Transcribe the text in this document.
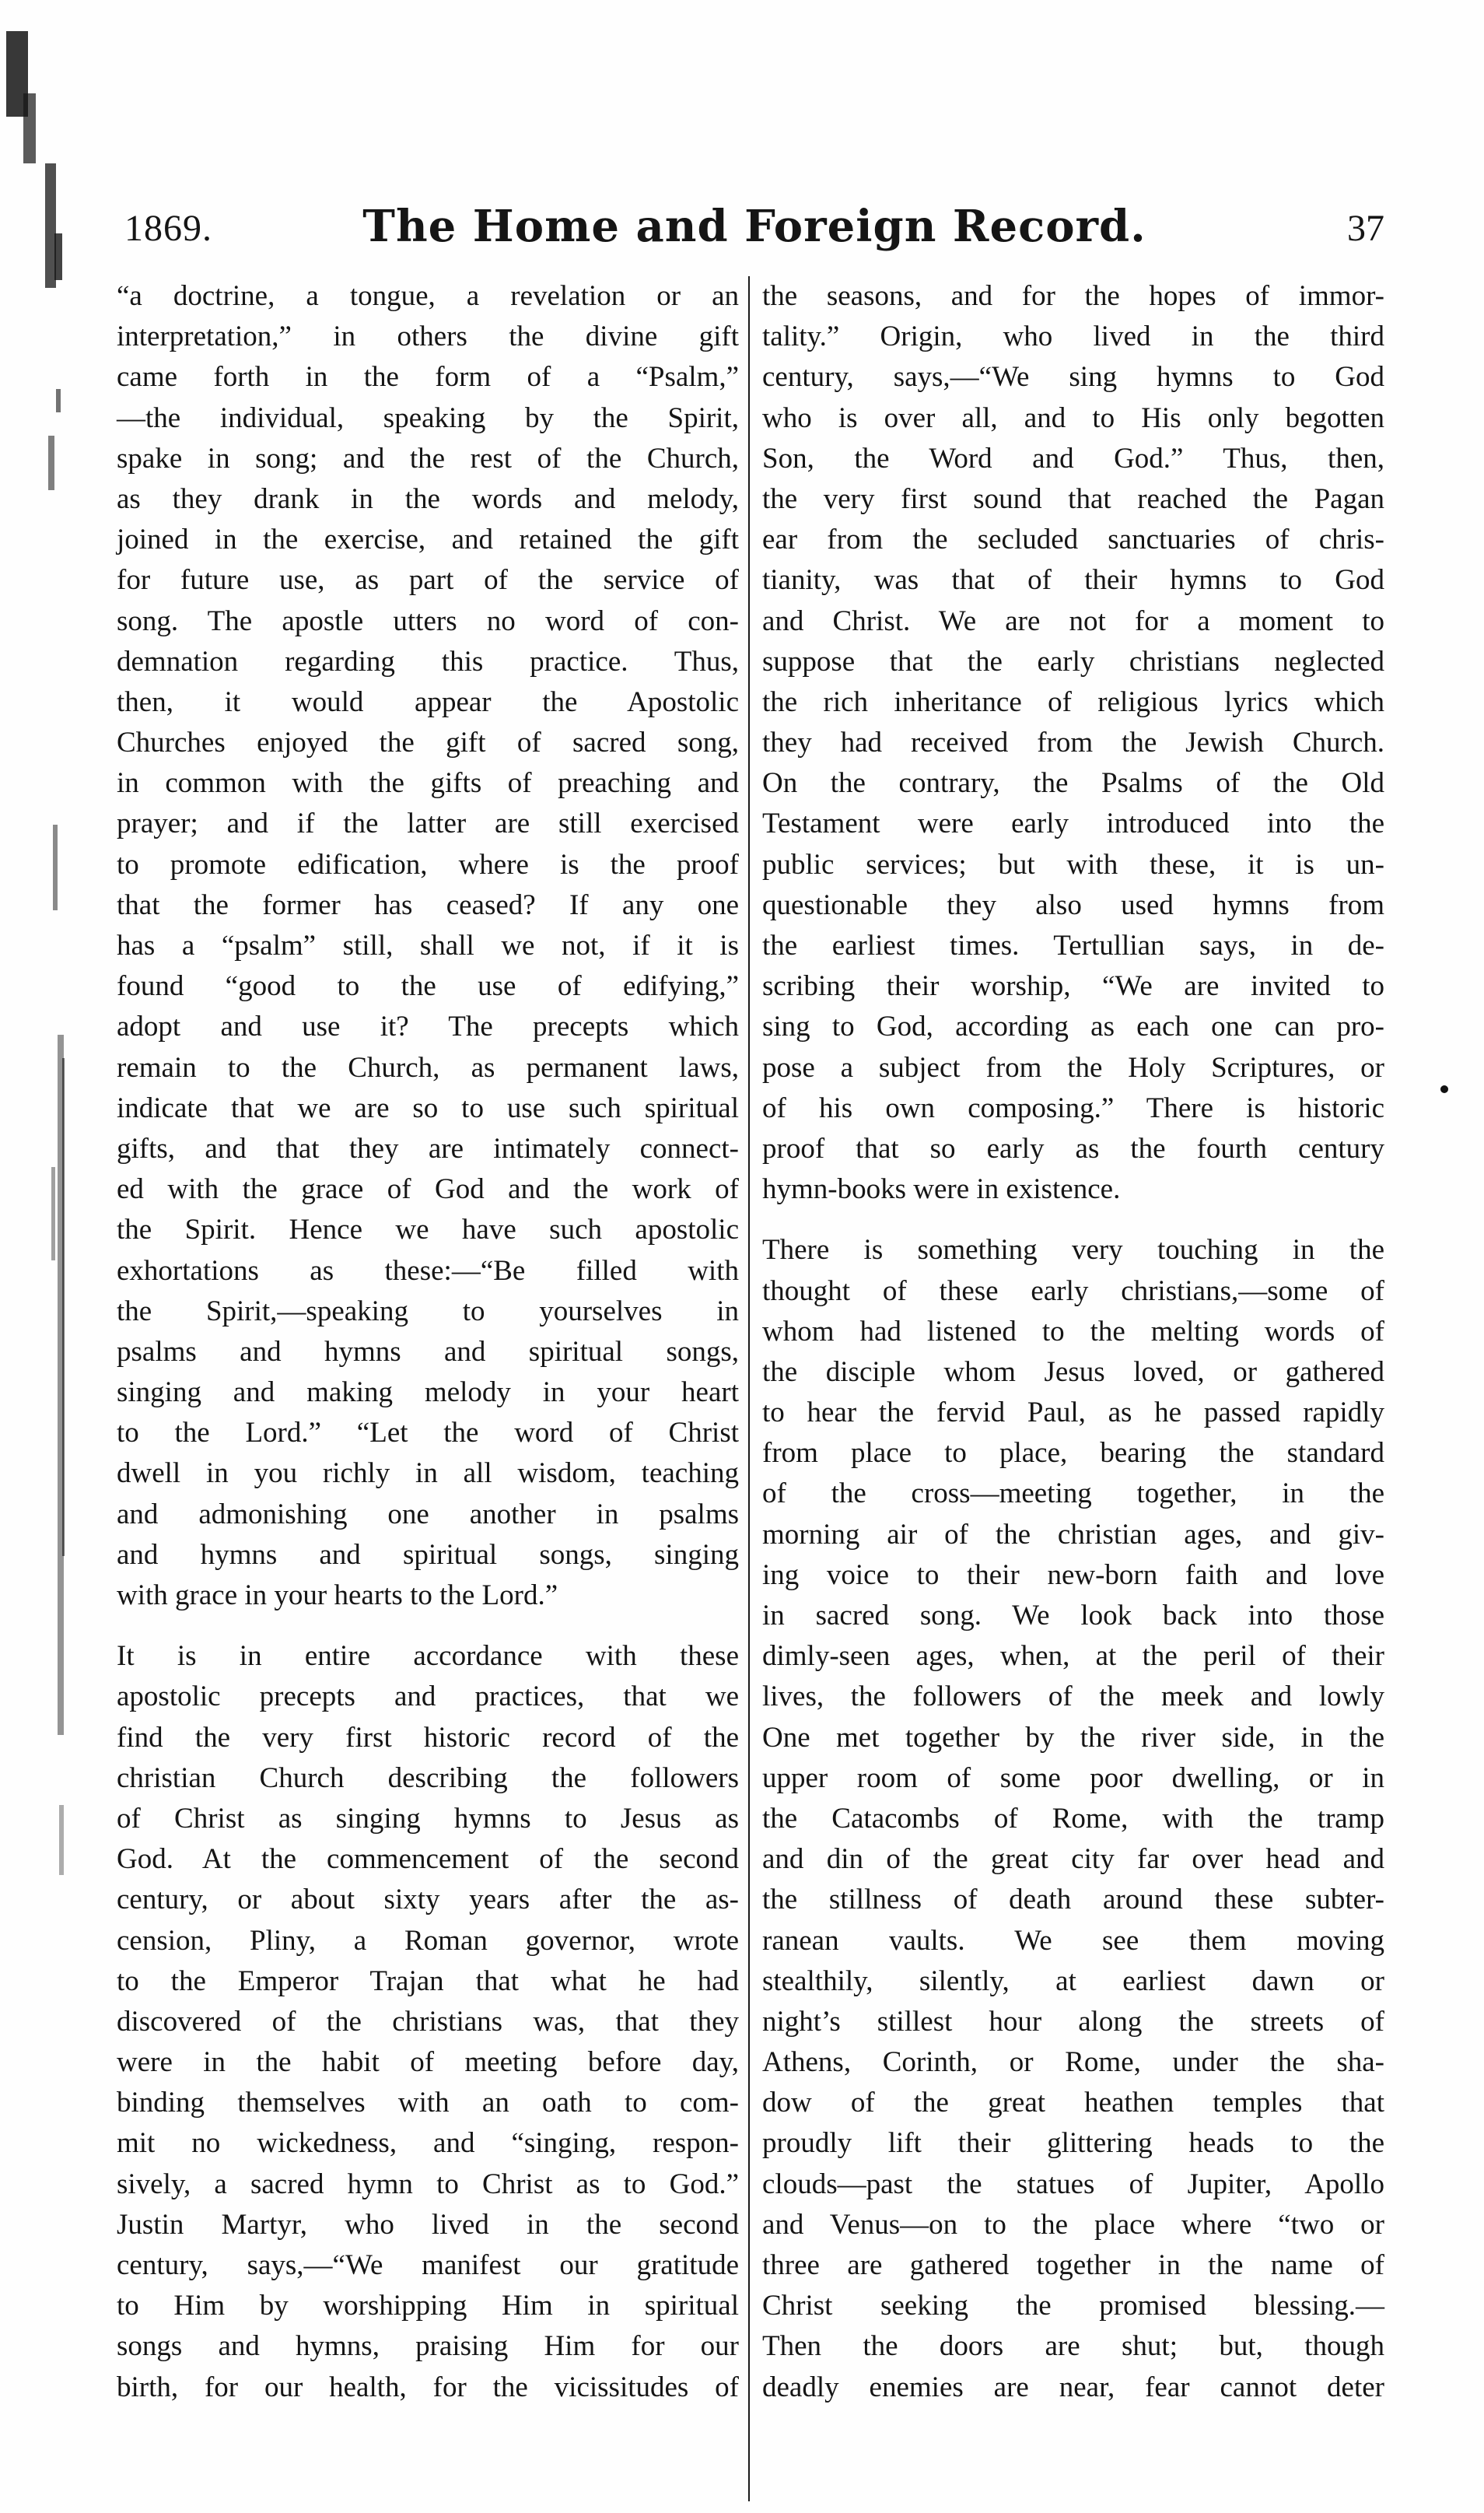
1869.	The Home and Foreign Record.	37
“a doctrine, a tongue, a revelation or an
interpretation,” in others the divine gift
came forth in the form of a “Psalm,”
—the individual, speaking by the Spirit,
spake in song; and the rest of the Church,
as they drank in the words and melody,
joined in the exercise, and retained the gift
for future use, as part of the service of
song. The apostle utters no word of con-
demnation regarding this practice. Thus,
then, it would appear the Apostolic
Churches enjoyed the gift of sacred song,
in common with the gifts of preaching and
prayer; and if the latter are still exercised
to promote edification, where is the proof
that the former has ceased? If any one
has a “psalm” still, shall we not, if it is
found “good to the use of edifying,”
adopt and use it? The precepts which
remain to the Church, as permanent laws,
indicate that we are so to use such spiritual
gifts, and that they are intimately connect-
ed with the grace of God and the work of
the Spirit. Hence we have such apostolic
exhortations as these:—“Be filled with
the Spirit,—speaking to yourselves in
psalms and hymns and spiritual songs,
singing and making melody in your heart
to the Lord.” “Let the word of Christ
dwell in you richly in all wisdom, teaching
and admonishing one another in psalms
and hymns and spiritual songs, singing
with grace in your hearts to the Lord.”
It is in entire accordance with these
apostolic precepts and practices, that we
find the very first historic record of the
christian Church describing the followers
of Christ as singing hymns to Jesus as
God. At the commencement of the second
century, or about sixty years after the as-
cension, Pliny, a Roman governor, wrote
to the Emperor Trajan that what he had
discovered of the christians was, that they
were in the habit of meeting before day,
binding themselves with an oath to com-
mit no wickedness, and “singing, respon-
sively, a sacred hymn to Christ as to God.”
Justin Martyr, who lived in the second
century, says,—“We manifest our gratitude
to Him by worshipping Him in spiritual
songs and hymns, praising Him for our
birth, for our health, for the vicissitudes of
the seasons, and for the hopes of immor-
tality.” Origin, who lived in the third
century, says,—“We sing hymns to God
who is over all, and to His only begotten
Son, the Word and God.” Thus, then,
the very first sound that reached the Pagan
ear from the secluded sanctuaries of chris-
tianity, was that of their hymns to God
and Christ. We are not for a moment to
suppose that the early christians neglected
the rich inheritance of religious lyrics which
they had received from the Jewish Church.
On the contrary, the Psalms of the Old
Testament were early introduced into the
public services; but with these, it is un-
questionable they also used hymns from
the earliest times. Tertullian says, in de-
scribing their worship, “We are invited to
sing to God, according as each one can pro-
pose a subject from the Holy Scriptures, or
of his own composing.” There is historic
proof that so early as the fourth century
hymn-books were in existence.
There is something very touching in the
thought of these early christians,—some of
whom had listened to the melting words of
the disciple whom Jesus loved, or gathered
to hear the fervid Paul, as he passed rapidly
from place to place, bearing the standard
of the cross—meeting together, in the
morning air of the christian ages, and giv-
ing voice to their new-born faith and love
in sacred song. We look back into those
dimly-seen ages, when, at the peril of their
lives, the followers of the meek and lowly
One met together by the river side, in the
upper room of some poor dwelling, or in
the Catacombs of Rome, with the tramp
and din of the great city far over head and
the stillness of death around these subter-
ranean vaults. We see them moving
stealthily, silently, at earliest dawn or
night’s stillest hour along the streets of
Athens, Corinth, or Rome, under the sha-
dow of the great heathen temples that
proudly lift their glittering heads to the
clouds—past the statues of Jupiter, Apollo
and Venus—on to the place where “two or
three are gathered together in the name of
Christ seeking the promised blessing.—
Then the doors are shut; but, though
deadly enemies are near, fear cannot deter
